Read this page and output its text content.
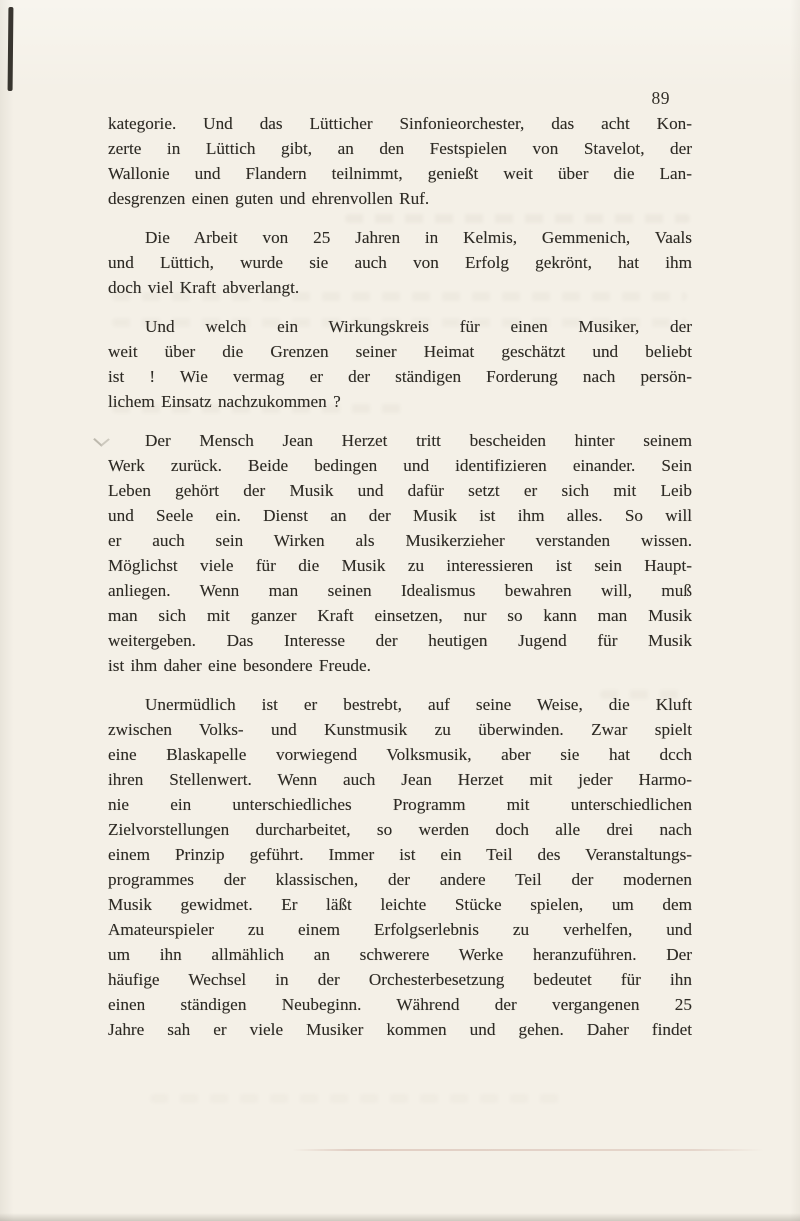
89
kategorie. Und das Lütticher Sinfonieorchester, das acht Kon-
zerte in Lüttich gibt, an den Festspielen von Stavelot, der
Wallonie und Flandern teilnimmt, genießt weit über die Lan-
desgrenzen einen guten und ehrenvollen Ruf.
Die Arbeit von 25 Jahren in Kelmis, Gemmenich, Vaals
und Lüttich, wurde sie auch von Erfolg gekrönt, hat ihm
doch viel Kraft abverlangt.
Und welch ein Wirkungskreis für einen Musiker, der
weit über die Grenzen seiner Heimat geschätzt und beliebt
ist ! Wie vermag er der ständigen Forderung nach persön-
lichem Einsatz nachzukommen ?
Der Mensch Jean Herzet tritt bescheiden hinter seinem
Werk zurück. Beide bedingen und identifizieren einander. Sein
Leben gehört der Musik und dafür setzt er sich mit Leib
und Seele ein. Dienst an der Musik ist ihm alles. So will
er auch sein Wirken als Musikerzieher verstanden wissen.
Möglichst viele für die Musik zu interessieren ist sein Haupt-
anliegen. Wenn man seinen Idealismus bewahren will, muß
man sich mit ganzer Kraft einsetzen, nur so kann man Musik
weitergeben. Das Interesse der heutigen Jugend für Musik
ist ihm daher eine besondere Freude.
Unermüdlich ist er bestrebt, auf seine Weise, die Kluft
zwischen Volks- und Kunstmusik zu überwinden. Zwar spielt
eine Blaskapelle vorwiegend Volksmusik, aber sie hat dcch
ihren Stellenwert. Wenn auch Jean Herzet mit jeder Harmo-
nie ein unterschiedliches Programm mit unterschiedlichen
Zielvorstellungen durcharbeitet, so werden doch alle drei nach
einem Prinzip geführt. Immer ist ein Teil des Veranstaltungs-
programmes der klassischen, der andere Teil der modernen
Musik gewidmet. Er läßt leichte Stücke spielen, um dem
Amateurspieler zu einem Erfolgserlebnis zu verhelfen, und
um ihn allmählich an schwerere Werke heranzuführen. Der
häufige Wechsel in der Orchesterbesetzung bedeutet für ihn
einen ständigen Neubeginn. Während der vergangenen 25
Jahre sah er viele Musiker kommen und gehen. Daher findet
